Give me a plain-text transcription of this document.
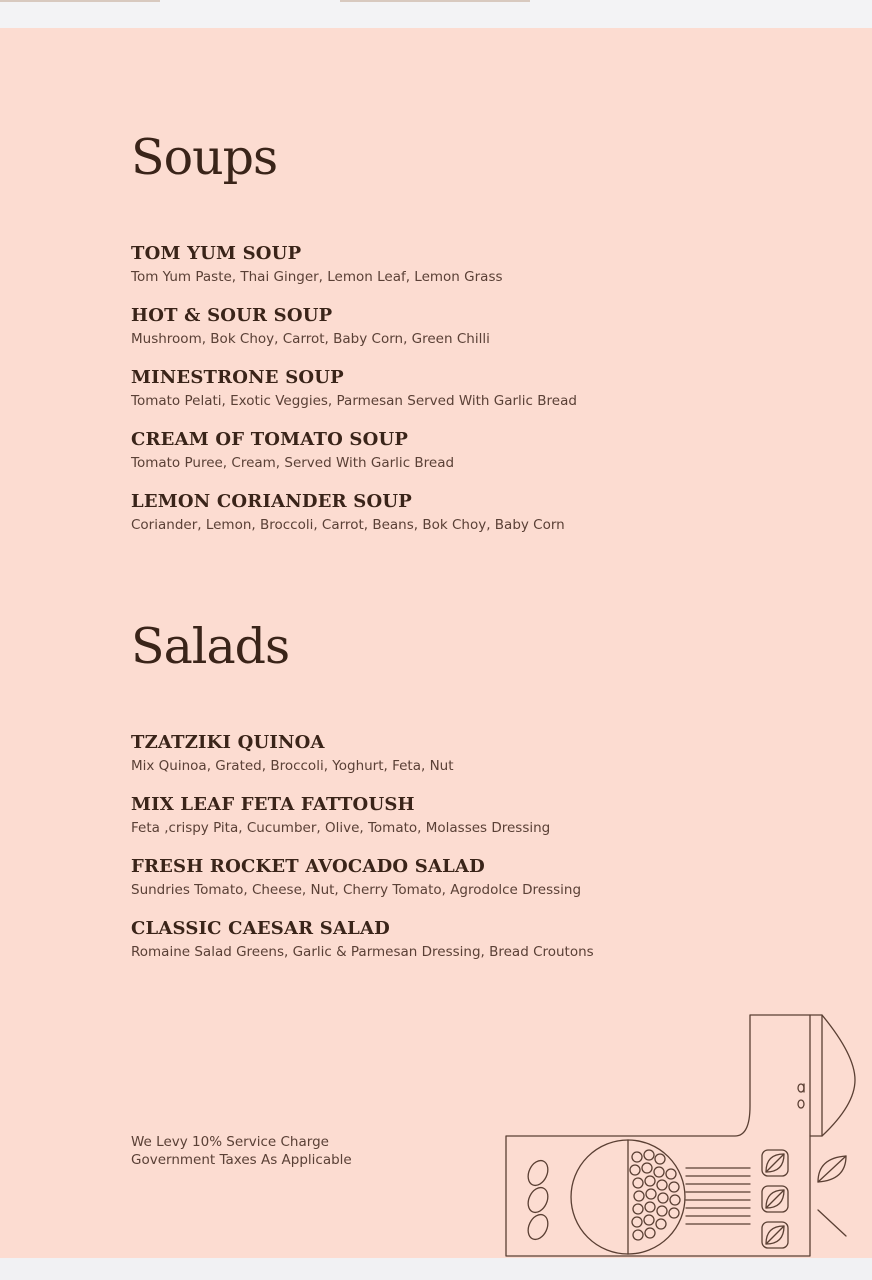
Soups
TOM YUM SOUP
Tom Yum Paste, Thai Ginger, Lemon Leaf, Lemon Grass
HOT & SOUR SOUP
Mushroom, Bok Choy, Carrot, Baby Corn, Green Chilli
MINESTRONE SOUP
Tomato Pelati, Exotic Veggies, Parmesan Served With Garlic Bread
CREAM OF TOMATO SOUP
Tomato Puree, Cream, Served With Garlic Bread
LEMON CORIANDER SOUP
Coriander, Lemon, Broccoli, Carrot, Beans, Bok Choy, Baby Corn
Salads
TZATZIKI QUINOA
Mix Quinoa, Grated, Broccoli, Yoghurt, Feta, Nut
MIX LEAF FETA FATTOUSH
Feta ,crispy Pita, Cucumber, Olive, Tomato, Molasses Dressing
FRESH ROCKET AVOCADO SALAD
Sundries Tomato, Cheese, Nut, Cherry Tomato, Agrodolce Dressing
CLASSIC CAESAR SALAD
Romaine Salad Greens, Garlic & Parmesan Dressing, Bread Croutons
We Levy 10% Service Charge
Government Taxes As Applicable
